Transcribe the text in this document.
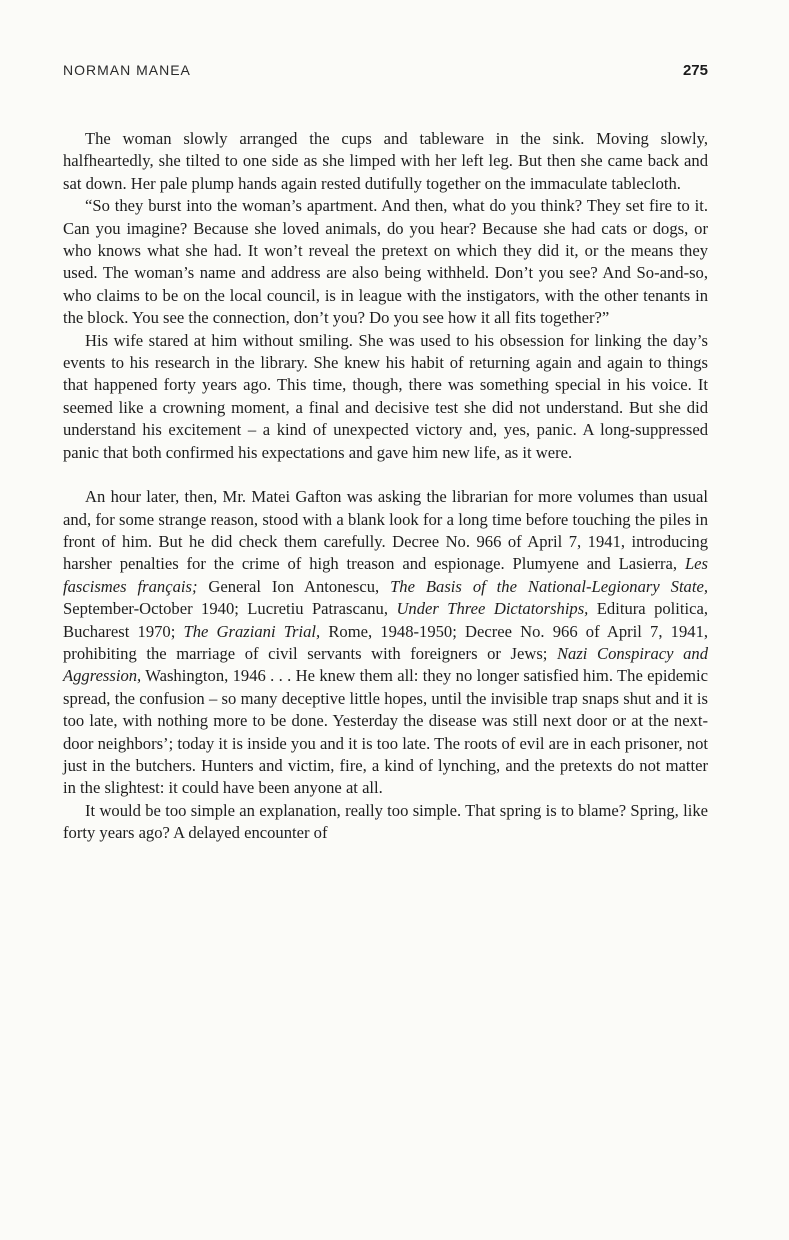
NORMAN MANEA	275

The woman slowly arranged the cups and tableware in the sink. Moving slowly, halfheartedly, she tilted to one side as she limped with her left leg. But then she came back and sat down. Her pale plump hands again rested dutifully together on the immaculate tablecloth.

“So they burst into the woman’s apartment. And then, what do you think? They set fire to it. Can you imagine? Because she loved animals, do you hear? Because she had cats or dogs, or who knows what she had. It won’t reveal the pretext on which they did it, or the means they used. The woman’s name and address are also being withheld. Don’t you see? And So-and-so, who claims to be on the local council, is in league with the instigators, with the other tenants in the block. You see the connection, don’t you? Do you see how it all fits together?”

His wife stared at him without smiling. She was used to his obsession for linking the day’s events to his research in the library. She knew his habit of returning again and again to things that happened forty years ago. This time, though, there was something special in his voice. It seemed like a crowning moment, a final and decisive test she did not understand. But she did understand his excitement – a kind of unexpected victory and, yes, panic. A long-suppressed panic that both confirmed his expectations and gave him new life, as it were.

An hour later, then, Mr. Matei Gafton was asking the librarian for more volumes than usual and, for some strange reason, stood with a blank look for a long time before touching the piles in front of him. But he did check them carefully. Decree No. 966 of April 7, 1941, introducing harsher penalties for the crime of high treason and espionage. Plumyene and Lasierra, Les fascismes français; General Ion Antonescu, The Basis of the National-Legionary State, September-October 1940; Lucretiu Patrascanu, Under Three Dictatorships, Editura politica, Bucharest 1970; The Graziani Trial, Rome, 1948-1950; Decree No. 966 of April 7, 1941, prohibiting the marriage of civil servants with foreigners or Jews; Nazi Conspiracy and Aggression, Washington, 1946 . . . He knew them all: they no longer satisfied him. The epidemic spread, the confusion – so many deceptive little hopes, until the invisible trap snaps shut and it is too late, with nothing more to be done. Yesterday the disease was still next door or at the next-door neighbors’; today it is inside you and it is too late. The roots of evil are in each prisoner, not just in the butchers. Hunters and victim, fire, a kind of lynching, and the pretexts do not matter in the slightest: it could have been anyone at all.

It would be too simple an explanation, really too simple. That spring is to blame? Spring, like forty years ago? A delayed encounter of
